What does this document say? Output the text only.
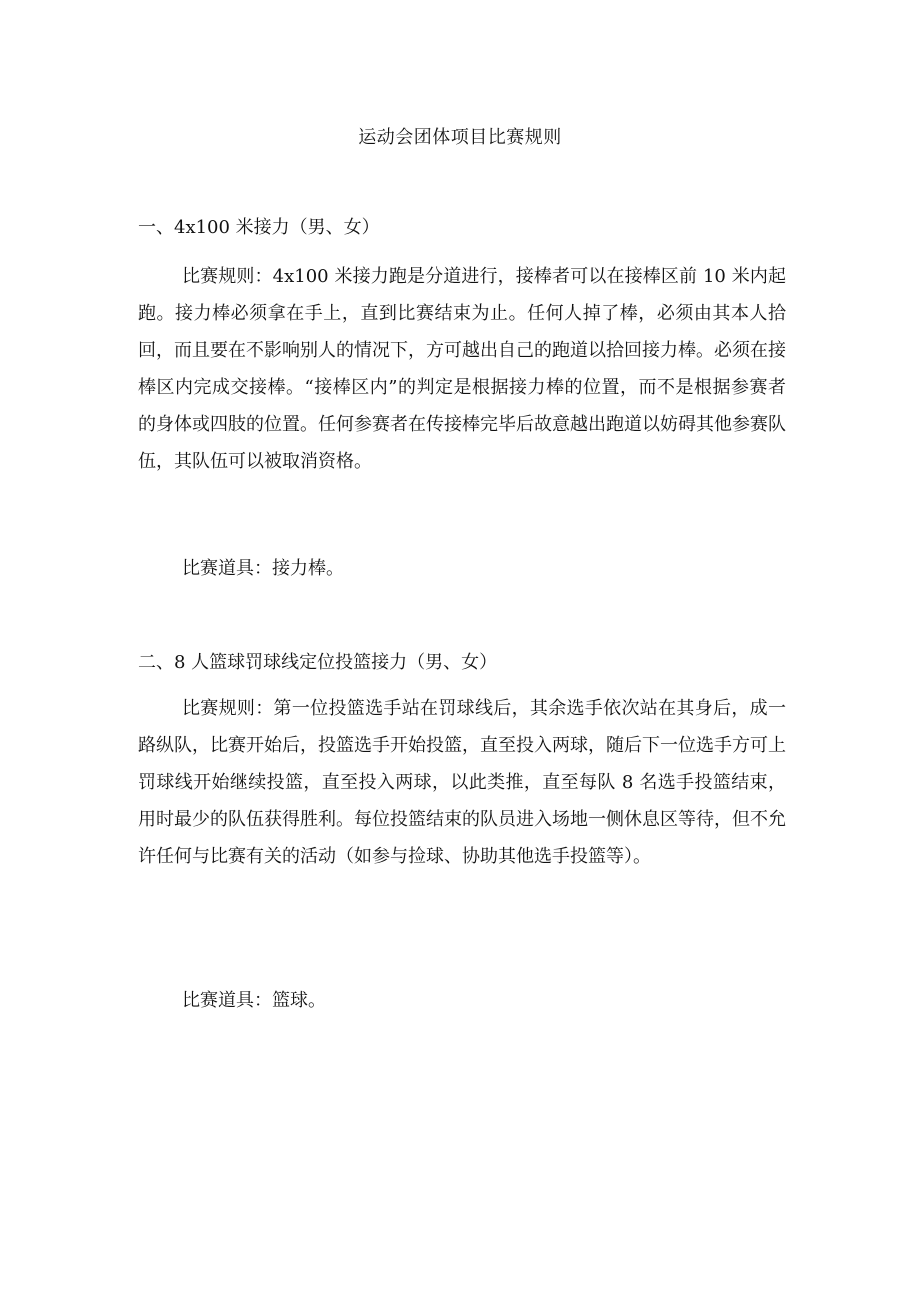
运动会团体项目比赛规则
一、4x100 米接力（男、女）

比赛规则：4x100 米接力跑是分道进行，接棒者可以在接棒区前 10 米内起跑。接力棒必须拿在手上，直到比赛结束为止。任何人掉了棒，必须由其本人拾回，而且要在不影响别人的情况下，方可越出自己的跑道以拾回接力棒。必须在接棒区内完成交接棒。“接棒区内”的判定是根据接力棒的位置，而不是根据参赛者的身体或四肢的位置。任何参赛者在传接棒完毕后故意越出跑道以妨碍其他参赛队伍，其队伍可以被取消资格。

比赛道具：接力棒。

二、8 人篮球罚球线定位投篮接力（男、女）

比赛规则：第一位投篮选手站在罚球线后，其余选手依次站在其身后，成一路纵队，比赛开始后，投篮选手开始投篮，直至投入两球，随后下一位选手方可上罚球线开始继续投篮，直至投入两球，以此类推，直至每队 8 名选手投篮结束，用时最少的队伍获得胜利。每位投篮结束的队员进入场地一侧休息区等待，但不允许任何与比赛有关的活动（如参与捡球、协助其他选手投篮等）。

比赛道具：篮球。
